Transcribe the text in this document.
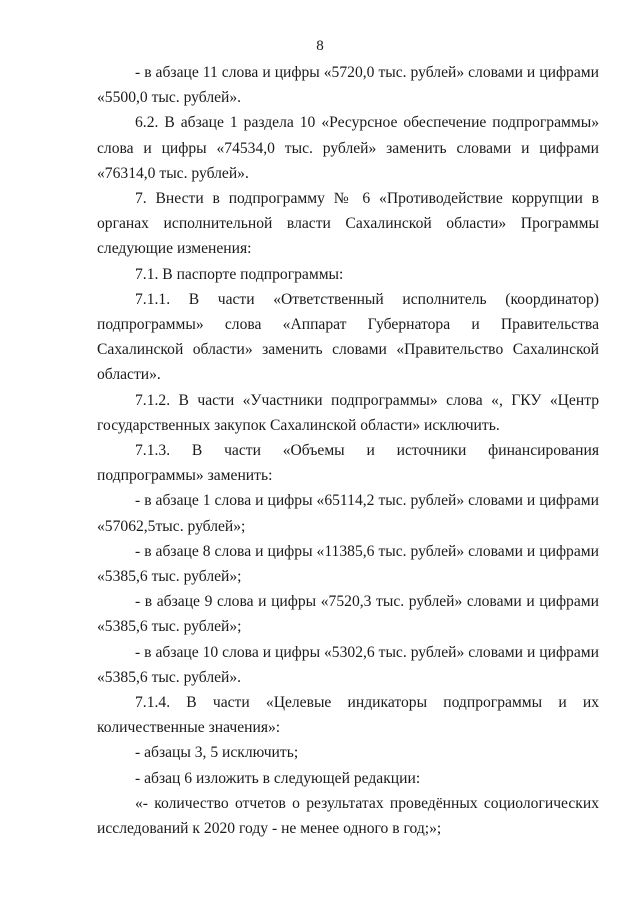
8

- в абзаце 11 слова и цифры «5720,0 тыс. рублей» словами и цифрами «5500,0 тыс. рублей».

6.2. В абзаце 1 раздела 10 «Ресурсное обеспечение подпрограммы» слова и цифры «74534,0 тыс. рублей» заменить словами и цифрами «76314,0 тыс. рублей».

7. Внести в подпрограмму № 6 «Противодействие коррупции в органах исполнительной власти Сахалинской области» Программы следующие изменения:

7.1. В паспорте подпрограммы:

7.1.1. В части «Ответственный исполнитель (координатор) подпрограммы» слова «Аппарат Губернатора и Правительства Сахалинской области» заменить словами «Правительство Сахалинской области».

7.1.2. В части «Участники подпрограммы» слова «, ГКУ «Центр государственных закупок Сахалинской области» исключить.

7.1.3. В части «Объемы и источники финансирования подпрограммы» заменить:

- в абзаце 1 слова и цифры «65114,2 тыс. рублей» словами и цифрами «57062,5тыс. рублей»;

- в абзаце 8 слова и цифры «11385,6 тыс. рублей» словами и цифрами «5385,6 тыс. рублей»;

- в абзаце 9 слова и цифры «7520,3 тыс. рублей» словами и цифрами «5385,6 тыс. рублей»;

- в абзаце 10 слова и цифры «5302,6 тыс. рублей» словами и цифрами «5385,6 тыс. рублей».

7.1.4. В части «Целевые индикаторы подпрограммы и их количественные значения»:

- абзацы 3, 5 исключить;

- абзац 6 изложить в следующей редакции:

«- количество отчетов о результатах проведённых социологических исследований к 2020 году - не менее одного в год;»;
